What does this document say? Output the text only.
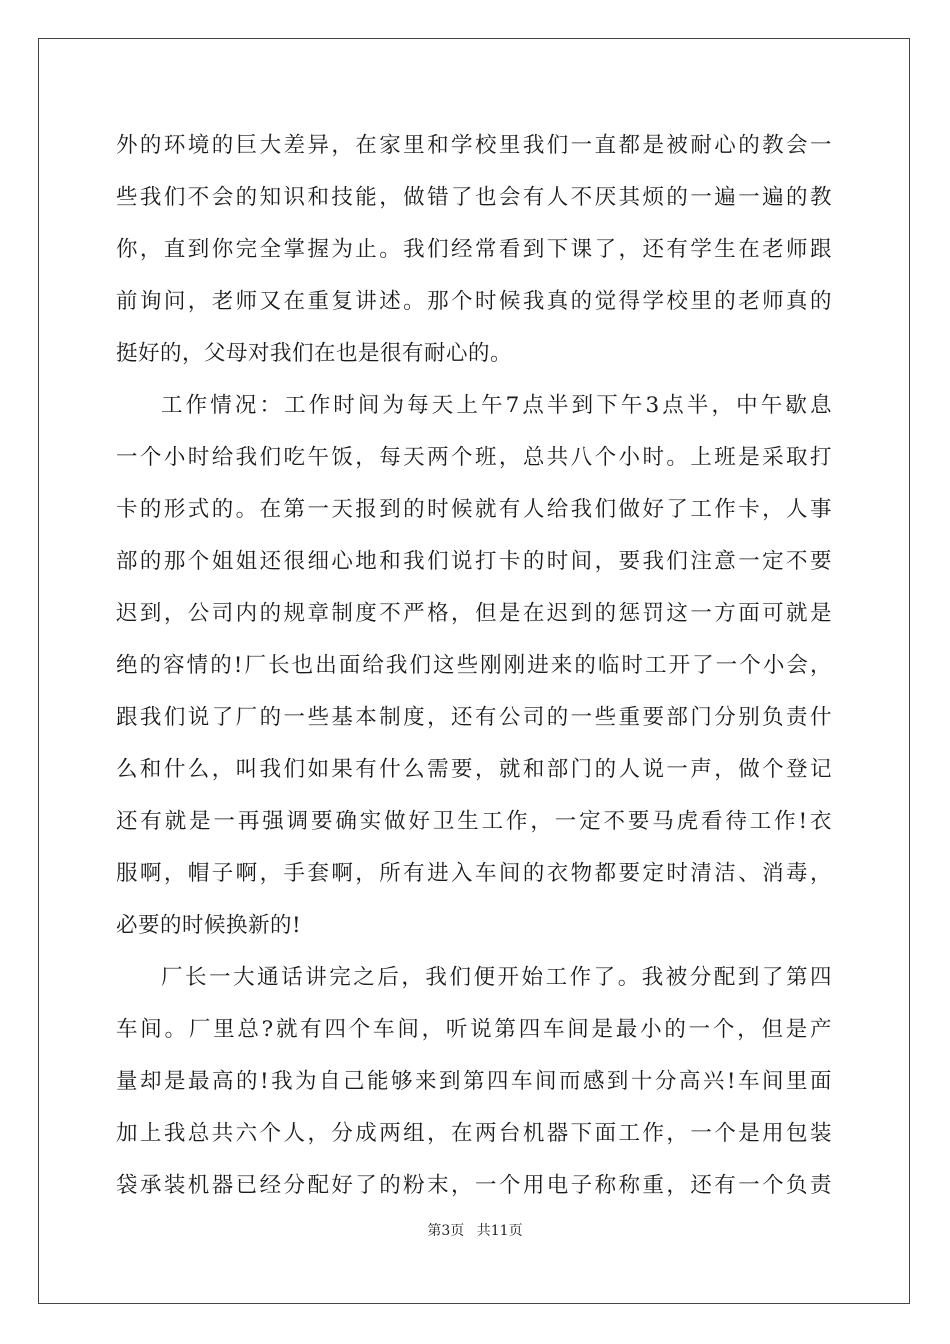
外的环境的巨大差异，在家里和学校里我们一直都是被耐心的教会一
些我们不会的知识和技能，做错了也会有人不厌其烦的一遍一遍的教
你，直到你完全掌握为止。我们经常看到下课了，还有学生在老师跟
前询问，老师又在重复讲述。那个时候我真的觉得学校里的老师真的
挺好的，父母对我们在也是很有耐心的。
工作情况：工作时间为每天上午7点半到下午3点半，中午歇息
一个小时给我们吃午饭，每天两个班，总共八个小时。上班是采取打
卡的形式的。在第一天报到的时候就有人给我们做好了工作卡，人事
部的那个姐姐还很细心地和我们说打卡的时间，要我们注意一定不要
迟到，公司内的规章制度不严格，但是在迟到的惩罚这一方面可就是
绝的容情的!厂长也出面给我们这些刚刚进来的临时工开了一个小会，
跟我们说了厂的一些基本制度，还有公司的一些重要部门分别负责什
么和什么，叫我们如果有什么需要，就和部门的人说一声，做个登记
还有就是一再强调要确实做好卫生工作，一定不要马虎看待工作!衣
服啊，帽子啊，手套啊，所有进入车间的衣物都要定时清洁、消毒，
必要的时候换新的!
厂长一大通话讲完之后，我们便开始工作了。我被分配到了第四
车间。厂里总?就有四个车间，听说第四车间是最小的一个，但是产
量却是最高的!我为自己能够来到第四车间而感到十分高兴!车间里面
加上我总共六个人，分成两组，在两台机器下面工作，一个是用包装
袋承装机器已经分配好了的粉末，一个用电子称称重，还有一个负责
第3页 共11页
